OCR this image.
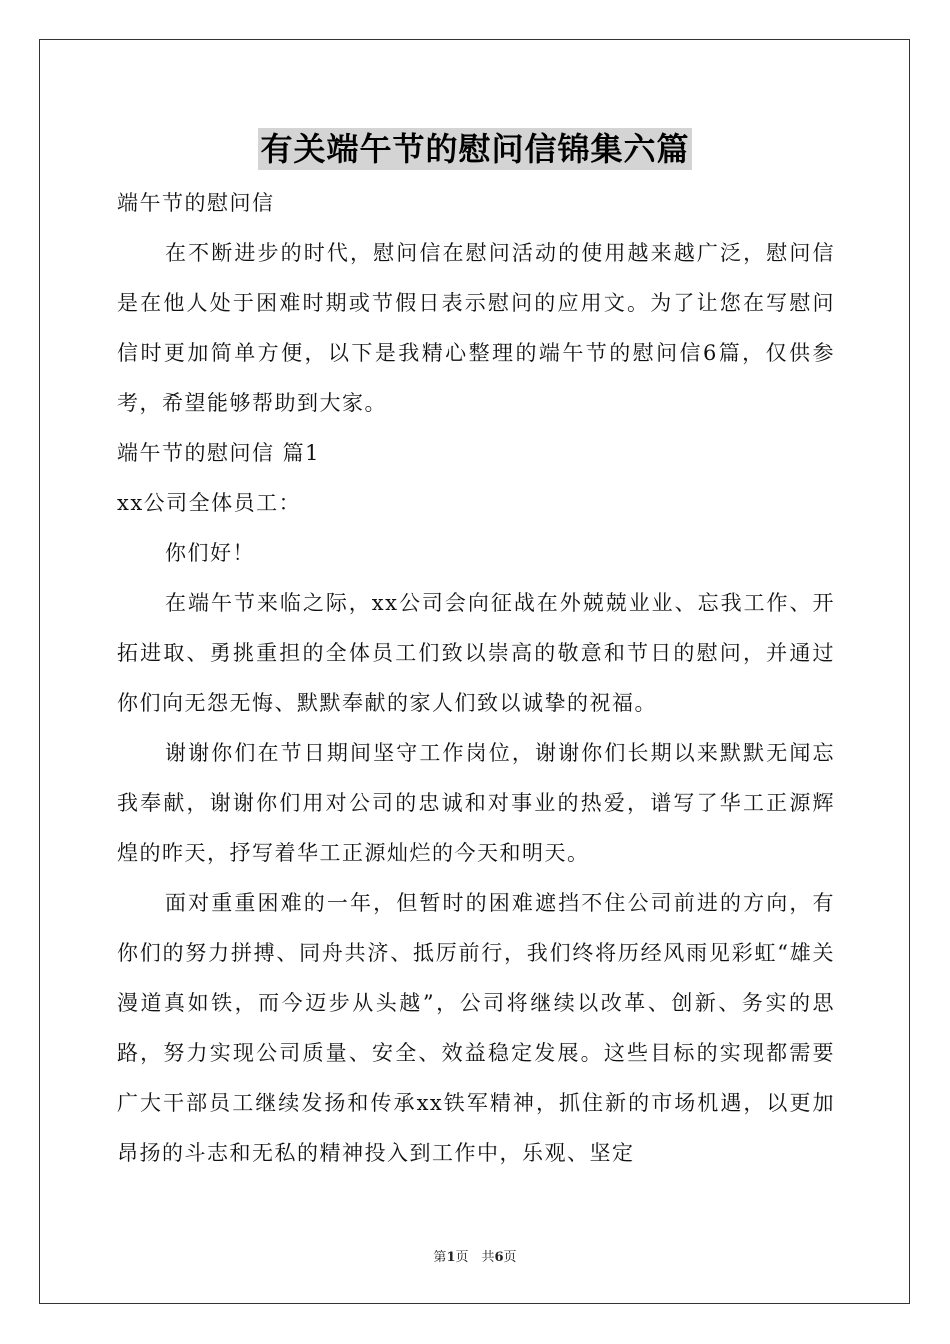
有关端午节的慰问信锦集六篇

端午节的慰问信

在不断进步的时代，慰问信在慰问活动的使用越来越广泛，慰问信是在他人处于困难时期或节假日表示慰问的应用文。为了让您在写慰问信时更加简单方便，以下是我精心整理的端午节的慰问信6篇，仅供参考，希望能够帮助到大家。

端午节的慰问信 篇1

xx公司全体员工：

你们好！

在端午节来临之际，xx公司会向征战在外兢兢业业、忘我工作、开拓进取、勇挑重担的全体员工们致以崇高的敬意和节日的慰问，并通过你们向无怨无悔、默默奉献的家人们致以诚挚的祝福。

谢谢你们在节日期间坚守工作岗位，谢谢你们长期以来默默无闻忘我奉献，谢谢你们用对公司的忠诚和对事业的热爱，谱写了华工正源辉煌的昨天，抒写着华工正源灿烂的今天和明天。

面对重重困难的一年，但暂时的困难遮挡不住公司前进的方向，有你们的努力拼搏、同舟共济、抵厉前行，我们终将历经风雨见彩虹“雄关漫道真如铁，而今迈步从头越”，公司将继续以改革、创新、务实的思路，努力实现公司质量、安全、效益稳定发展。这些目标的实现都需要广大干部员工继续发扬和传承xx铁军精神，抓住新的市场机遇，以更加昂扬的斗志和无私的精神投入到工作中，乐观、坚定

第1页　共6页
